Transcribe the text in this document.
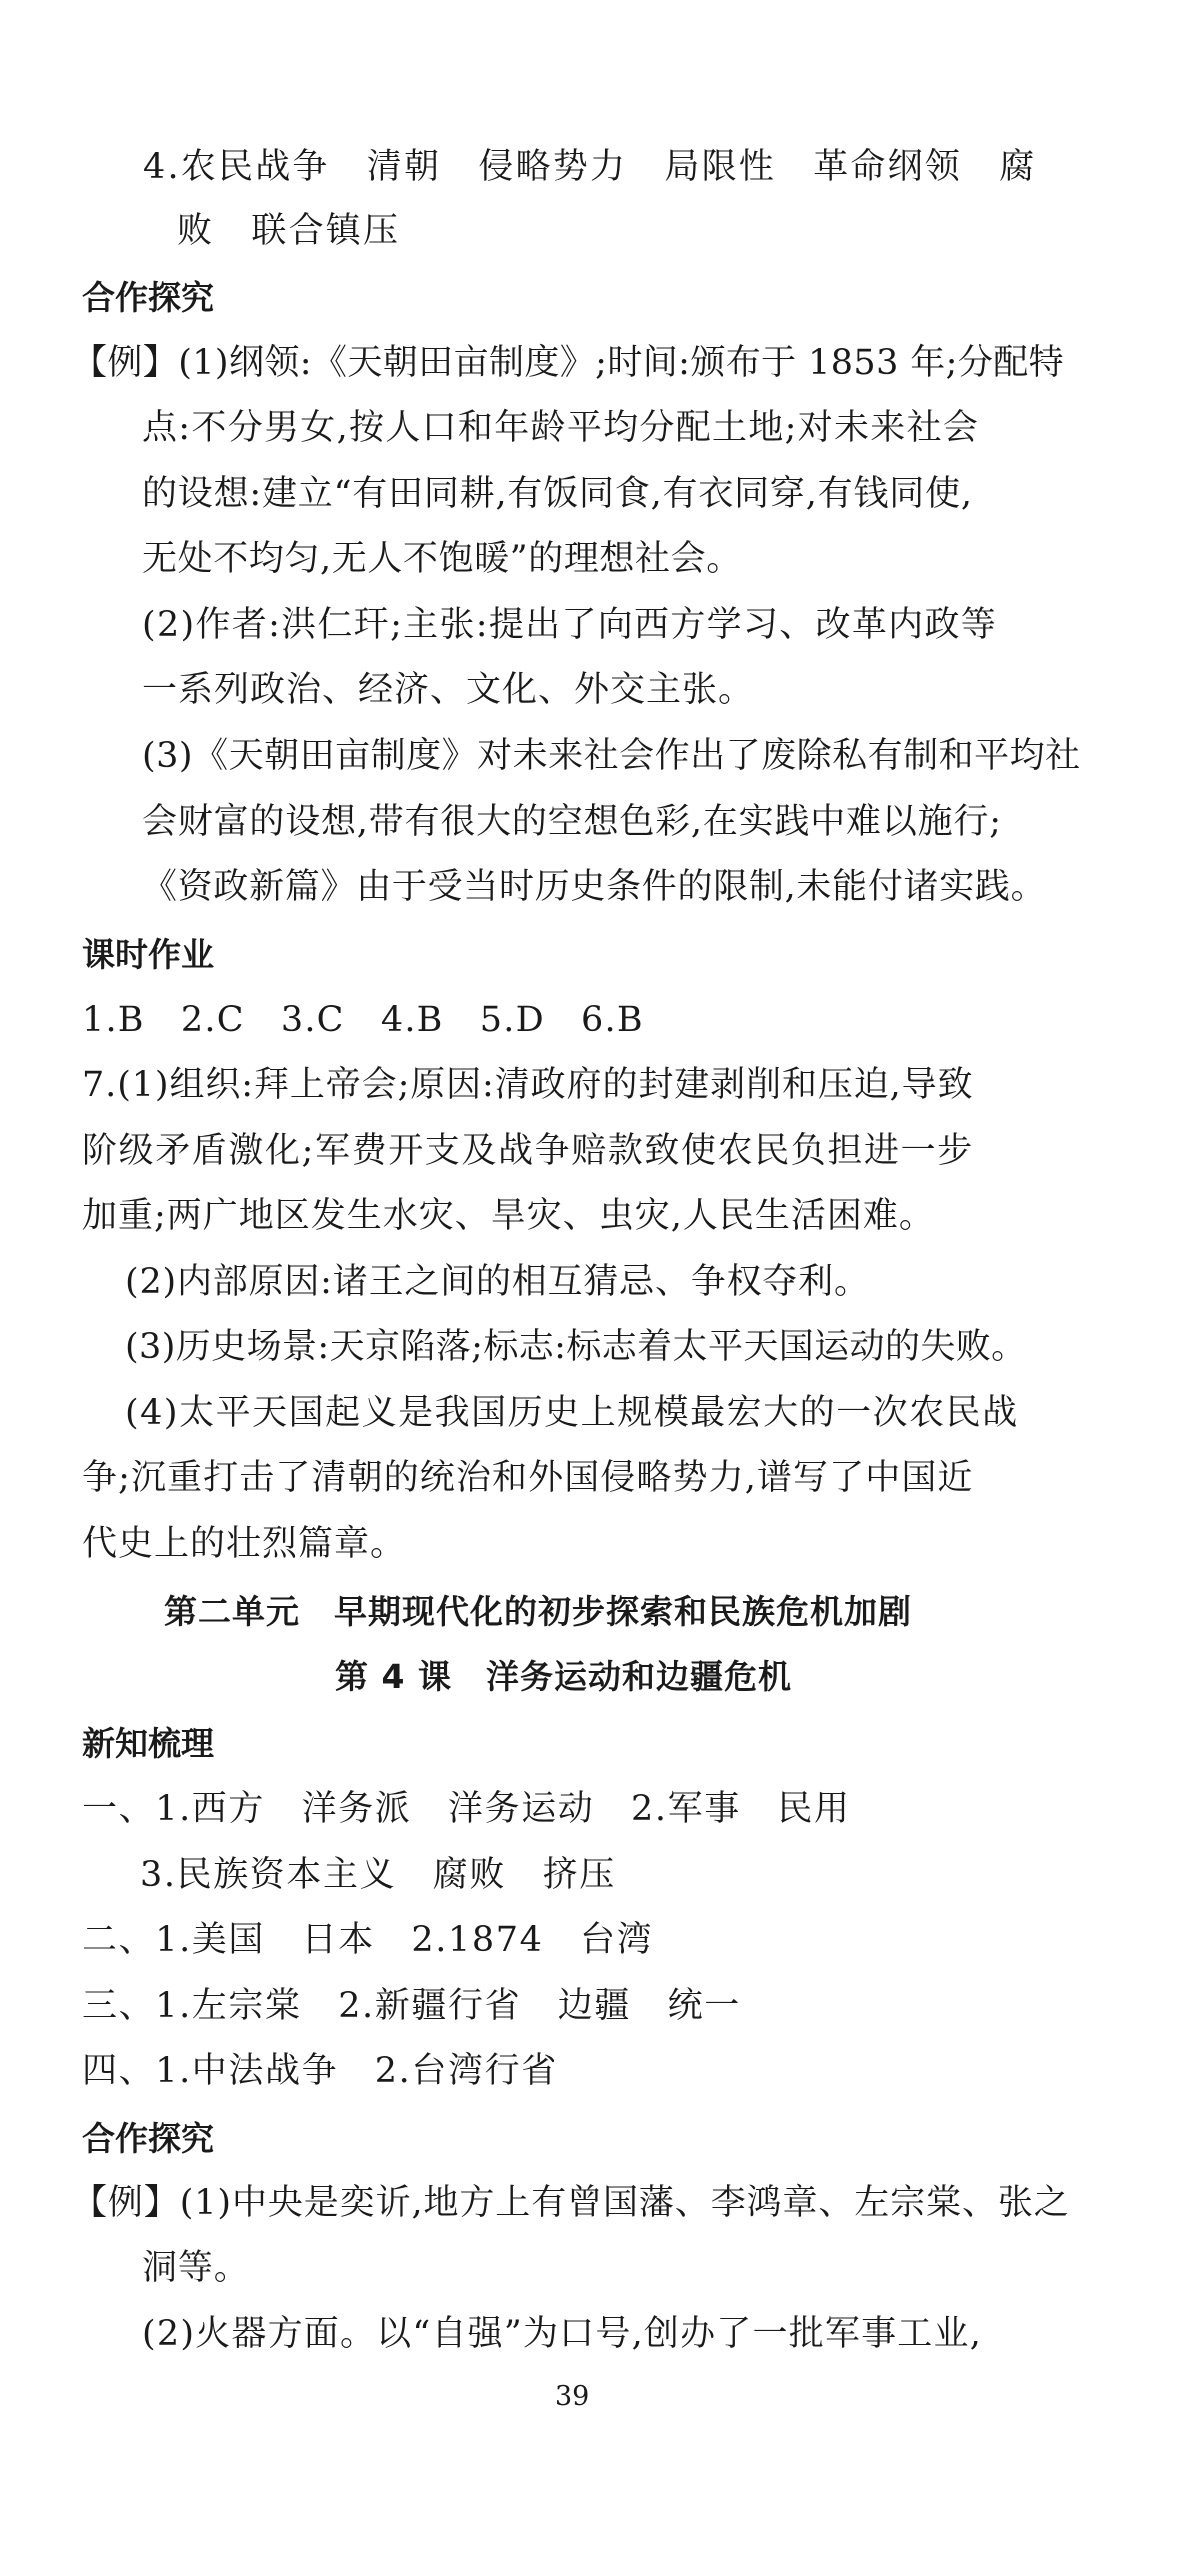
4.农民战争　清朝　侵略势力　局限性　革命纲领　腐
败　联合镇压
合作探究
【例】(1)纲领:《天朝田亩制度》;时间:颁布于 1853 年;分配特
点:不分男女,按人口和年龄平均分配土地;对未来社会
的设想:建立“有田同耕,有饭同食,有衣同穿,有钱同使,
无处不均匀,无人不饱暖”的理想社会。
(2)作者:洪仁玕;主张:提出了向西方学习、改革内政等
一系列政治、经济、文化、外交主张。
(3)《天朝田亩制度》对未来社会作出了废除私有制和平均社
会财富的设想,带有很大的空想色彩,在实践中难以施行;
《资政新篇》由于受当时历史条件的限制,未能付诸实践。
课时作业
1.B　2.C　3.C　4.B　5.D　6.B
7.(1)组织:拜上帝会;原因:清政府的封建剥削和压迫,导致
阶级矛盾激化;军费开支及战争赔款致使农民负担进一步
加重;两广地区发生水灾、旱灾、虫灾,人民生活困难。
(2)内部原因:诸王之间的相互猜忌、争权夺利。
(3)历史场景:天京陷落;标志:标志着太平天国运动的失败。
(4)太平天国起义是我国历史上规模最宏大的一次农民战
争;沉重打击了清朝的统治和外国侵略势力,谱写了中国近
代史上的壮烈篇章。
第二单元　早期现代化的初步探索和民族危机加剧
第 4 课　洋务运动和边疆危机
新知梳理
一、1.西方　洋务派　洋务运动　2.军事　民用
3.民族资本主义　腐败　挤压
二、1.美国　日本　2.1874　台湾
三、1.左宗棠　2.新疆行省　边疆　统一
四、1.中法战争　2.台湾行省
合作探究
【例】(1)中央是奕䜣,地方上有曾国藩、李鸿章、左宗棠、张之
洞等。
(2)火器方面。以“自强”为口号,创办了一批军事工业,
39
